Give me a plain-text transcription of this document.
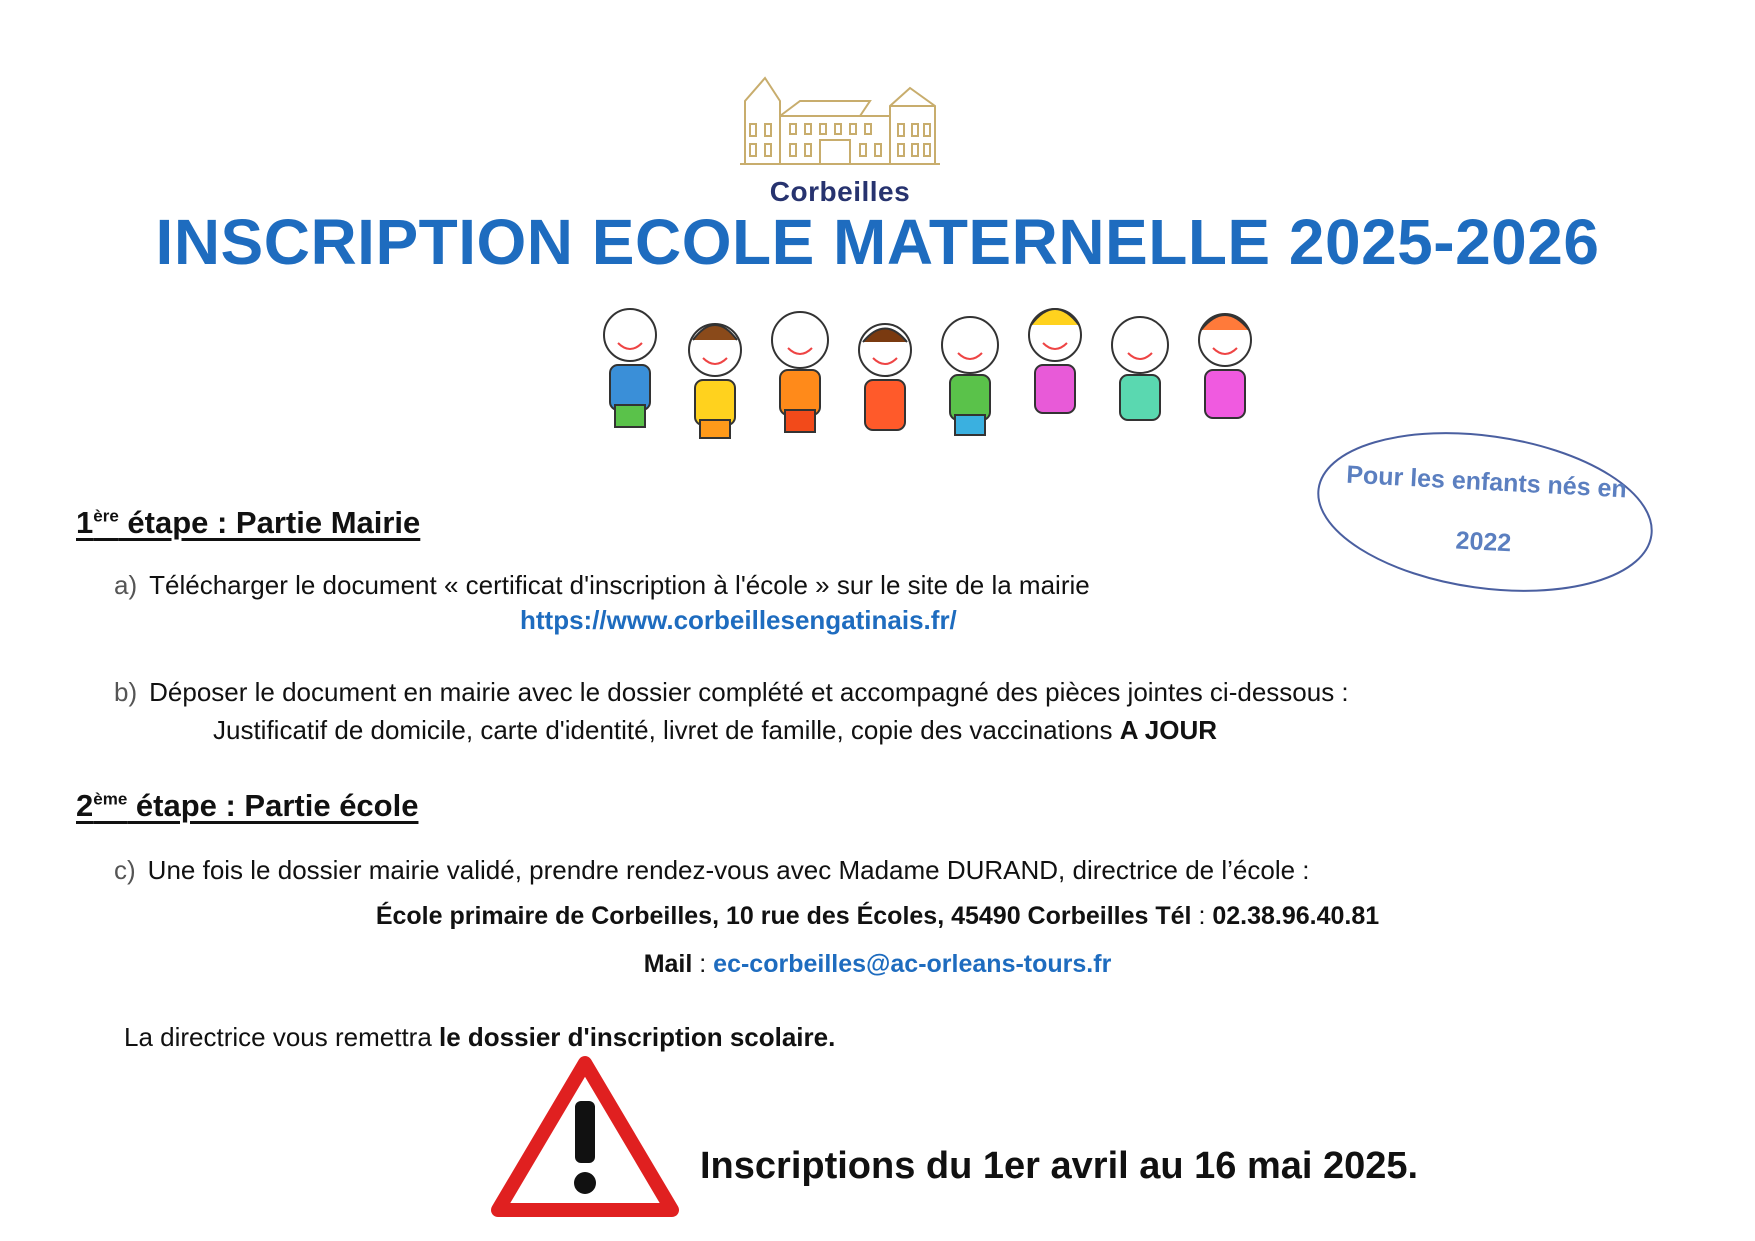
Corbeilles
INSCRIPTION ECOLE MATERNELLE 2025-2026
Pour les enfants nés en
2022
1ère étape : Partie Mairie
a) Télécharger le document « certificat d'inscription à l'école » sur le site de la mairie
https://www.corbeillesengatinais.fr/
b) Déposer le document en mairie avec le dossier complété et accompagné des pièces jointes ci-dessous :
Justificatif de domicile, carte d'identité, livret de famille, copie des vaccinations A JOUR
2ème étape : Partie école
c) Une fois le dossier mairie validé, prendre rendez-vous avec Madame DURAND, directrice de l’école :
École primaire de Corbeilles, 10 rue des Écoles, 45490 Corbeilles Tél : 02.38.96.40.81
Mail : ec-corbeilles@ac-orleans-tours.fr
La directrice vous remettra le dossier d'inscription scolaire.
Inscriptions du 1er avril au 16 mai 2025.
